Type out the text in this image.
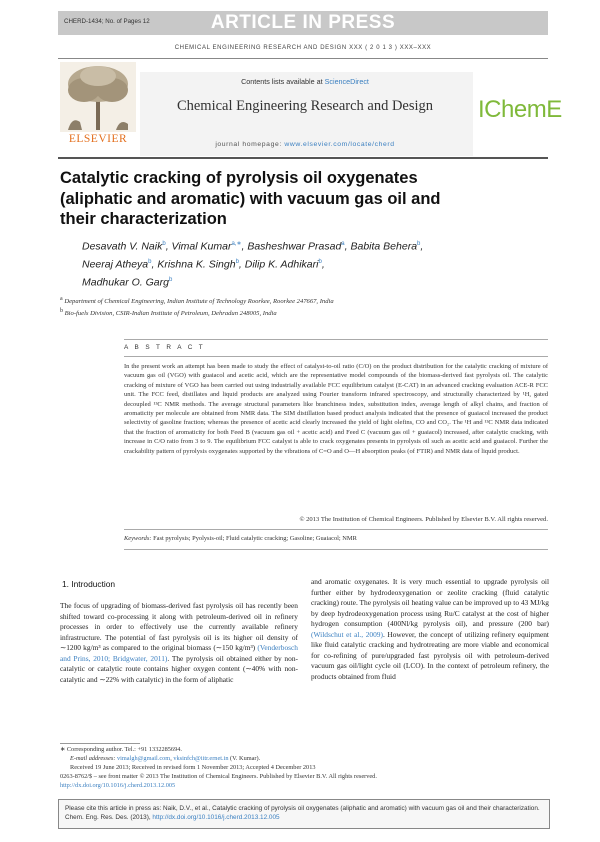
CHERD-1434; No. of Pages 12	ARTICLE IN PRESS
CHEMICAL ENGINEERING RESEARCH AND DESIGN XXX ( 2 0 1 3 ) XXX–XXX
ELSEVIER
Contents lists available at ScienceDirect
Chemical Engineering Research and Design
journal homepage: www.elsevier.com/locate/cherd
IChemE
Catalytic cracking of pyrolysis oil oxygenates (aliphatic and aromatic) with vacuum gas oil and their characterization
Desavath V. Naik$^b$, Vimal Kumar$^{a,∗}$, Basheshwar Prasad$^a$, Babita Behera$^b$,
Neeraj Atheya$^b$, Krishna K. Singh$^b$, Dilip K. Adhikari$^b$,
Madhukar O. Garg$^b$
a Department of Chemical Engineering, Indian Institute of Technology Roorkee, Roorkee 247667, India
b Bio-fuels Division, CSIR-Indian Institute of Petroleum, Dehradun 248005, India
A B S T R A C T
In the present work an attempt has been made to study the effect of catalyst-to-oil ratio (C/O) on the product distribution for the catalytic cracking of mixture of vacuum gas oil (VGO) with guaiacol and acetic acid, which are the representative model compounds of the biomass-derived fast pyrolysis oil. The catalytic cracking of mixture of VGO has been carried out using industrially available FCC equilibrium catalyst (E-CAT) in an advanced cracking evaluation ACE-R FCC unit. The FCC feed, distillates and liquid products are analyzed using Fourier transform infrared spectroscopy, and structurally characterized by ¹H, gated decoupled ¹³C NMR methods. The average structural parameters like branchiness index, substitution index, average length of alkyl chains, and fraction of aromaticity per molecule are obtained from NMR data. The SIM distillation based product analysis indicated that the presence of guaiacol increased the product selectivity of gasoline fraction; whereas the presence of acetic acid clearly increased the yield of light olefins, CO and CO₂. The ¹H and ¹³C NMR data indicated that the fraction of aromaticity for both Feed B (vacuum gas oil + acetic acid) and Feed C (vacuum gas oil + guaiacol) increased, after catalytic cracking, with increase in C/O ratio from 3 to 9. The equilibrium FCC catalyst is able to crack oxygenates presents in pyrolysis oil such as acetic acid and guaiacol. Further the crackability pattern of pyrolysis oxygenates supported by the vibrations of C=O and O—H absorption peaks (of FTIR) and NMR data of liquid product.
© 2013 The Institution of Chemical Engineers. Published by Elsevier B.V. All rights reserved.
Keywords: Fast pyrolysis; Pyolysis-oil; Fluid catalytic cracking; Gasoline; Guaiacol; NMR
1. Introduction
The focus of upgrading of biomass-derived fast pyrolysis oil has recently been shifted toward co-processing it along with petroleum-derived oil in refinery processes in order to effectively use the currently available refinery infrastructure. The potential of fast pyrolysis oil is its higher oil density of ∼1200 kg/m³ as compared to the original biomass (∼150 kg/m³) (Venderbosch and Prins, 2010; Bridgwater, 2011). The pyrolysis oil obtained either by non-catalytic or catalytic route contains higher oxygen content (∼40% with non-catalytic and ∼22% with catalytic) in the form of aliphatic
and aromatic oxygenates. It is very much essential to upgrade pyrolysis oil further either by hydrodeoxygenation or zeolite cracking (fluid catalytic cracking) route. The pyrolysis oil heating value can be improved up to 43 MJ/kg by deep hydrodeoxygenation process using Ru/C catalyst at the cost of higher hydrogen consumption (400Nl/kg pyrolysis oil), and pressure (200 bar) (Wildschut et al., 2009). However, the concept of utilizing refinery equipment like fluid catalytic cracking and hydrotreating are more viable and economical for co-refining of pure/upgraded fast pyrolysis oil with petroleum-derived vacuum gas oil/light cycle oil (LCO). In the context of petroleum refinery, the products obtained from fluid
∗ Corresponding author. Tel.: +91 1332285694.
E-mail addresses: vimalgh@gmail.com, vksinfch@iitr.ernet.in (V. Kumar).
Received 19 June 2013; Received in revised form 1 November 2013; Accepted 4 December 2013
0263-8762/$ – see front matter © 2013 The Institution of Chemical Engineers. Published by Elsevier B.V. All rights reserved.
http://dx.doi.org/10.1016/j.cherd.2013.12.005
Please cite this article in press as: Naik, D.V., et al., Catalytic cracking of pyrolysis oil oxygenates (aliphatic and aromatic) with vacuum gas oil and their characterization. Chem. Eng. Res. Des. (2013), http://dx.doi.org/10.1016/j.cherd.2013.12.005
